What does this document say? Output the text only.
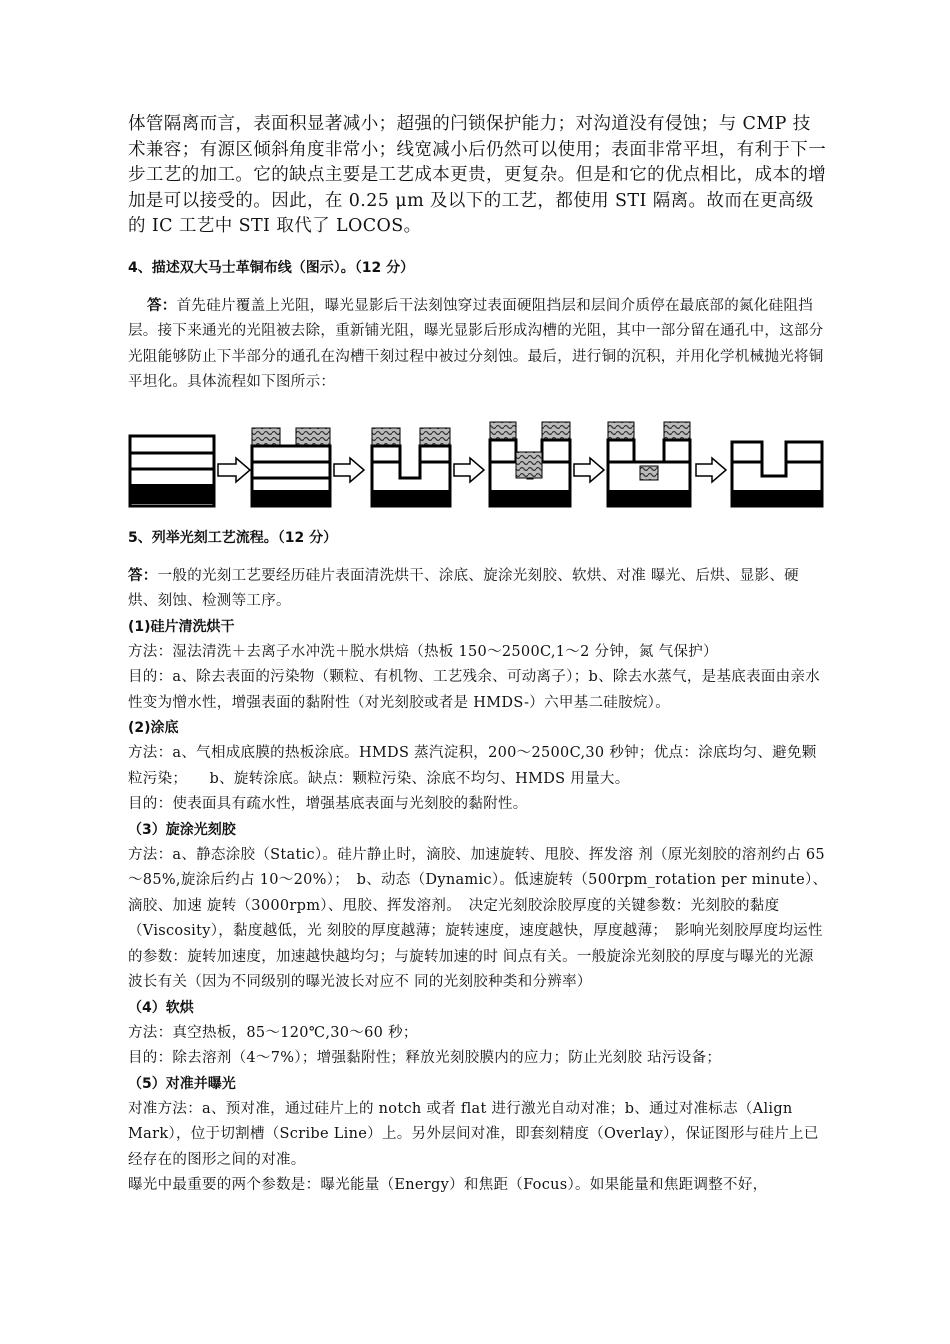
体管隔离而言，表面积显著减小；超强的闩锁保护能力；对沟道没有侵蚀；与 CMP 技术兼容；有源区倾斜角度非常小；线宽减小后仍然可以使用；表面非常平坦，有利于下一步工艺的加工。它的缺点主要是工艺成本更贵，更复杂。但是和它的优点相比，成本的增加是可以接受的。因此，在 0.25 μm 及以下的工艺，都使用 STI 隔离。故而在更高级的 IC 工艺中 STI 取代了 LOCOS。

4、描述双大马士革铜布线（图示）。（12 分）

答：首先硅片覆盖上光阻，曝光显影后干法刻蚀穿过表面硬阻挡层和层间介质停在最底部的氮化硅阻挡层。接下来通光的光阻被去除，重新铺光阻，曝光显影后形成沟槽的光阻，其中一部分留在通孔中，这部分光阻能够防止下半部分的通孔在沟槽干刻过程中被过分刻蚀。最后，进行铜的沉积，并用化学机械抛光将铜平坦化。具体流程如下图所示：

5、列举光刻工艺流程。（12 分）

答：一般的光刻工艺要经历硅片表面清洗烘干、涂底、旋涂光刻胶、软烘、对准 曝光、后烘、显影、硬烘、刻蚀、检测等工序。

(1)硅片清洗烘干

方法：湿法清洗＋去离子水冲洗＋脱水烘焙（热板 150～2500C,1～2 分钟，氮 气保护）

目的：a、除去表面的污染物（颗粒、有机物、工艺残余、可动离子）；b、除去水蒸气，是基底表面由亲水性变为憎水性，增强表面的黏附性（对光刻胶或者是 HMDS-）六甲基二硅胺烷）。

(2)涂底

方法：a、气相成底膜的热板涂底。HMDS 蒸汽淀积，200～2500C,30 秒钟；优点：涂底均匀、避免颗粒污染；　　b、旋转涂底。缺点：颗粒污染、涂底不均匀、HMDS 用量大。

目的：使表面具有疏水性，增强基底表面与光刻胶的黏附性。

（3）旋涂光刻胶

方法：a、静态涂胶（Static）。硅片静止时，滴胶、加速旋转、甩胶、挥发溶 剂（原光刻胶的溶剂约占 65～85%,旋涂后约占 10～20%）；　b、动态（Dynamic）。低速旋转（500rpm_rotation per minute）、滴胶、加速 旋转（3000rpm）、甩胶、挥发溶剂。　决定光刻胶涂胶厚度的关键参数：光刻胶的黏度（Viscosity），黏度越低，光 刻胶的厚度越薄；旋转速度，速度越快，厚度越薄；　影响光刻胶厚度均运性的参数：旋转加速度，加速越快越均匀；与旋转加速的时 间点有关。一般旋涂光刻胶的厚度与曝光的光源波长有关（因为不同级别的曝光波长对应不 同的光刻胶种类和分辨率）

（4）软烘

方法：真空热板，85～120℃,30～60 秒；

目的：除去溶剂（4～7%）；增强黏附性；释放光刻胶膜内的应力；防止光刻胶 玷污设备；

（5）对准并曝光

对准方法：a、预对准，通过硅片上的 notch 或者 flat 进行激光自动对准；b、通过对准标志（Align Mark），位于切割槽（Scribe Line）上。另外层间对准，即套刻精度（Overlay），保证图形与硅片上已经存在的图形之间的对准。

曝光中最重要的两个参数是：曝光能量（Energy）和焦距（Focus）。如果能量和焦距调整不好，
